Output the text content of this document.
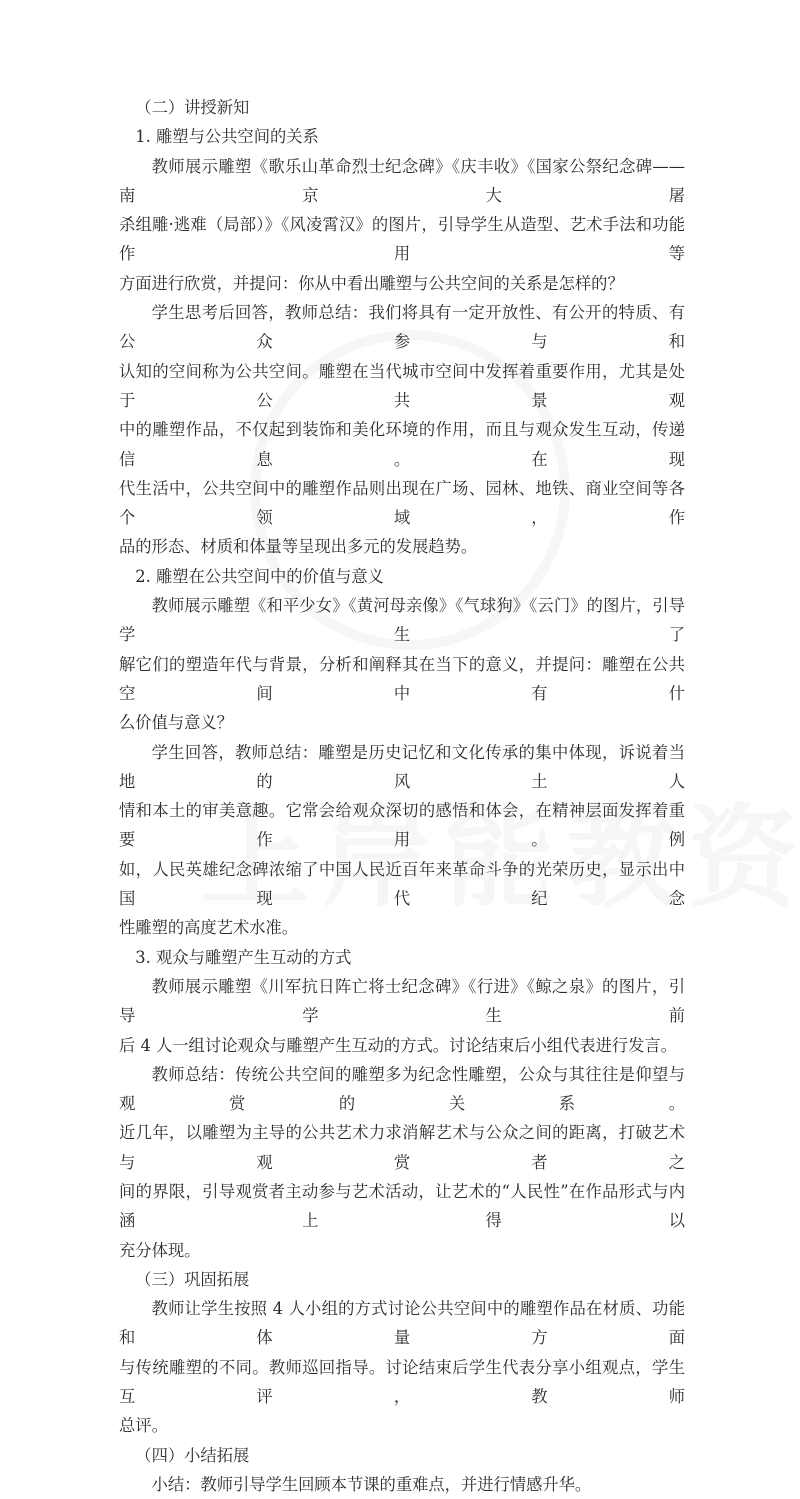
（二）讲授新知

1. 雕塑与公共空间的关系

教师展示雕塑《歌乐山革命烈士纪念碑》《庆丰收》《国家公祭纪念碑——南京大屠

杀组雕·逃难（局部）》《风凌霄汉》的图片，引导学生从造型、艺术手法和功能作用等

方面进行欣赏，并提问：你从中看出雕塑与公共空间的关系是怎样的？

学生思考后回答，教师总结：我们将具有一定开放性、有公开的特质、有公众参与和

认知的空间称为公共空间。雕塑在当代城市空间中发挥着重要作用，尤其是处于公共景观

中的雕塑作品，不仅起到装饰和美化环境的作用，而且与观众发生互动，传递信息。在现

代生活中，公共空间中的雕塑作品则出现在广场、园林、地铁、商业空间等各个领域，作

品的形态、材质和体量等呈现出多元的发展趋势。

2. 雕塑在公共空间中的价值与意义

教师展示雕塑《和平少女》《黄河母亲像》《气球狗》《云门》的图片，引导学生了

解它们的塑造年代与背景，分析和阐释其在当下的意义，并提问：雕塑在公共空间中有什

么价值与意义？

学生回答，教师总结：雕塑是历史记忆和文化传承的集中体现，诉说着当地的风土人

情和本土的审美意趣。它常会给观众深切的感悟和体会，在精神层面发挥着重要作用。例

如，人民英雄纪念碑浓缩了中国人民近百年来革命斗争的光荣历史，显示出中国现代纪念

性雕塑的高度艺术水准。

3. 观众与雕塑产生互动的方式

教师展示雕塑《川军抗日阵亡将士纪念碑》《行进》《鲸之泉》的图片，引导学生前

后 4 人一组讨论观众与雕塑产生互动的方式。讨论结束后小组代表进行发言。

教师总结：传统公共空间的雕塑多为纪念性雕塑，公众与其往往是仰望与观赏的关系。

近几年，以雕塑为主导的公共艺术力求消解艺术与公众之间的距离，打破艺术与观赏者之

间的界限，引导观赏者主动参与艺术活动，让艺术的“人民性”在作品形式与内涵上得以

充分体现。

（三）巩固拓展

教师让学生按照 4 人小组的方式讨论公共空间中的雕塑作品在材质、功能和体量方面

与传统雕塑的不同。教师巡回指导。讨论结束后学生代表分享小组观点，学生互评，教师

总评。

（四）小结拓展

小结：教师引导学生回顾本节课的重难点，并进行情感升华。
